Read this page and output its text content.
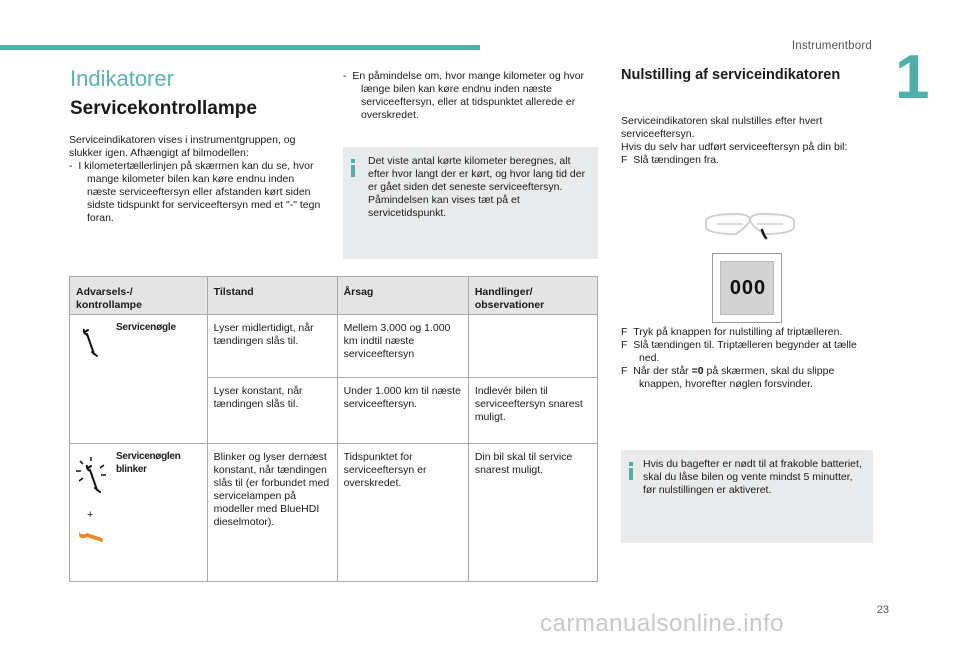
Instrumentbord 1
Indikatorer
Servicekontrollampe
Serviceindikatoren vises i instrumentgruppen, og slukker igen. Afhængigt af bilmodellen:
-  I kilometertællerlinjen på skærmen kan du se, hvor mange kilometer bilen kan køre endnu inden næste serviceeftersyn eller afstanden kørt siden sidste tidspunkt for serviceeftersyn med et "-" tegn foran.
-  En påmindelse om, hvor mange kilometer og hvor længe bilen kan køre endnu inden næste serviceeftersyn, eller at tidspunktet allerede er overskredet.
Det viste antal kørte kilometer beregnes, alt efter hvor langt der er kørt, og hvor lang tid der er gået siden det seneste serviceeftersyn.
Påmindelsen kan vises tæt på et servicetidspunkt.
Advarsels-/ kontrollampe		Tilstand	Årsag	Handlinger/ observationer
	Servicenøgle	Lyser midlertidigt, når tændingen slås til.	Mellem 3.000 og 1.000 km indtil næste serviceeftersyn	
		Lyser konstant, når tændingen slås til.	Under 1.000 km til næste serviceeftersyn.	Indlevér bilen til serviceeftersyn snarest muligt.

+	Servicenøglen blinker	Blinker og lyser dernæst konstant, når tændingen slås til (er forbundet med servicelampen på modeller med BlueHDI dieselmotor).	Tidspunktet for serviceeftersyn er overskredet.	Din bil skal til service snarest muligt.
Nulstilling af serviceindikatoren
Serviceindikatoren skal nulstilles efter hvert serviceeftersyn.
Hvis du selv har udført serviceeftersyn på din bil:
F  Slå tændingen fra.
000
F  Tryk på knappen for nulstilling af triptælleren.
F  Slå tændingen til. Triptælleren begynder at tælle ned.
F  Når der står =0 på skærmen, skal du slippe knappen, hvorefter nøglen forsvinder.
Hvis du bagefter er nødt til at frakoble batteriet, skal du låse bilen og vente mindst 5 minutter, før nulstillingen er aktiveret.
23
carmanualsonline.info
